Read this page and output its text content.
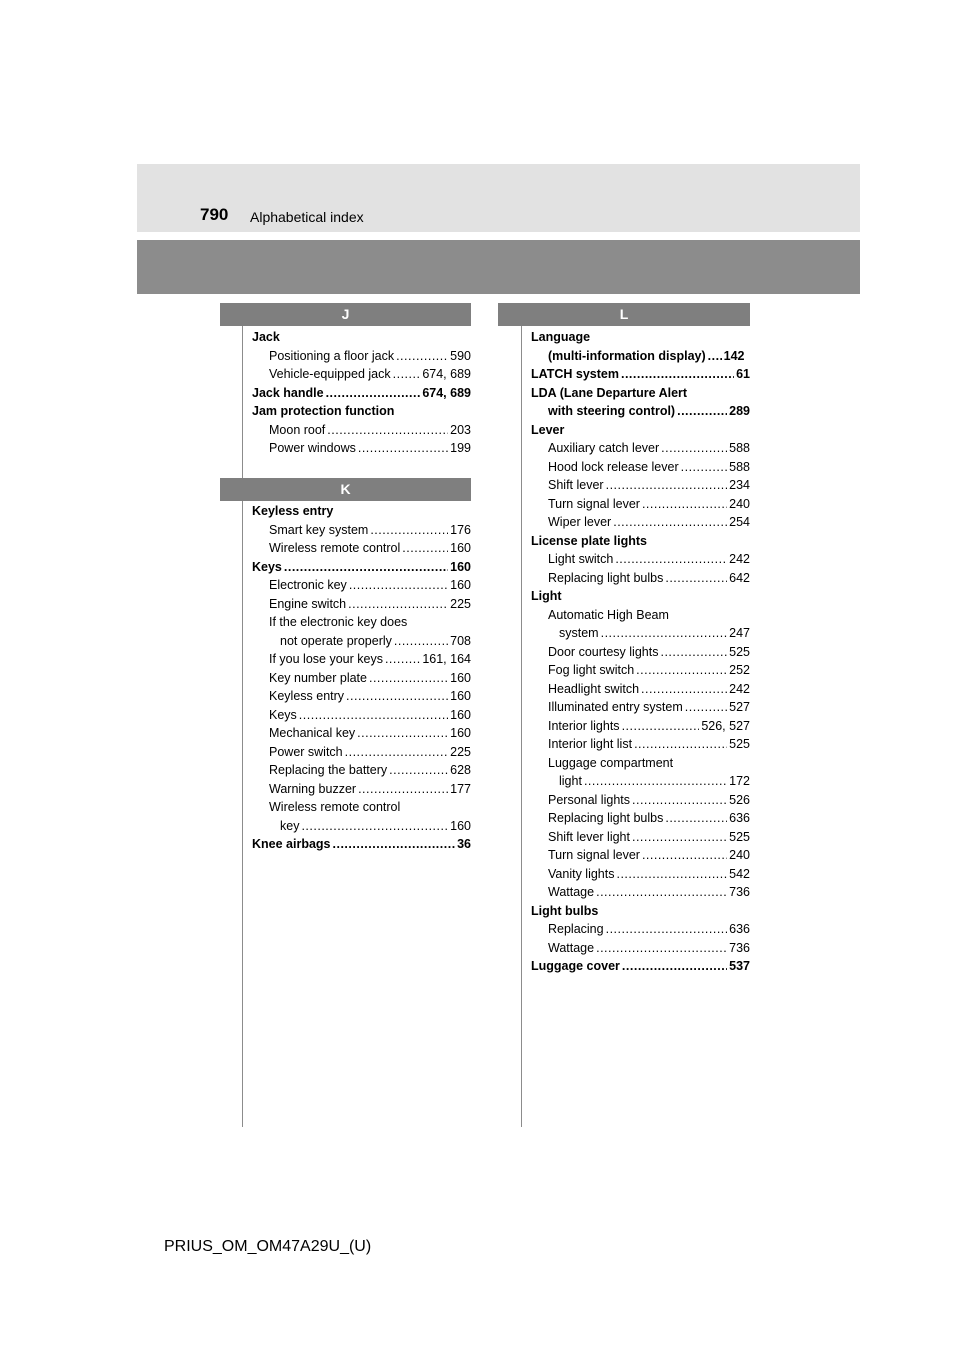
790 Alphabetical index
J
Jack
Positioning a floor jack .....	590
Vehicle-equipped jack .....	674, 689
Jack handle .....	674, 689
Jam protection function
Moon roof .....	203
Power windows .....	199
K
Keyless entry
Smart key system .....	176
Wireless remote control .....	160
Keys .....	160
Electronic key .....	160
Engine switch .....	225
If the electronic key does
not operate properly .....	708
If you lose your keys .....	161, 164
Key number plate .....	160
Keyless entry .....	160
Keys .....	160
Mechanical key .....	160
Power switch .....	225
Replacing the battery .....	628
Warning buzzer .....	177
Wireless remote control
key .....	160
Knee airbags .....	36
L
Language
(multi-information display) ..... 142
LATCH system .....	61
LDA (Lane Departure Alert
with steering control) .....	289
Lever
Auxiliary catch lever .....	588
Hood lock release lever .....	588
Shift lever .....	234
Turn signal lever .....	240
Wiper lever .....	254
License plate lights
Light switch .....	242
Replacing light bulbs .....	642
Light
Automatic High Beam
system .....	247
Door courtesy lights .....	525
Fog light switch .....	252
Headlight switch .....	242
Illuminated entry system .....	527
Interior lights .....	526, 527
Interior light list .....	525
Luggage compartment
light .....	172
Personal lights .....	526
Replacing light bulbs .....	636
Shift lever light .....	525
Turn signal lever .....	240
Vanity lights .....	542
Wattage .....	736
Light bulbs
Replacing .....	636
Wattage .....	736
Luggage cover .....	537
PRIUS_OM_OM47A29U_(U)
